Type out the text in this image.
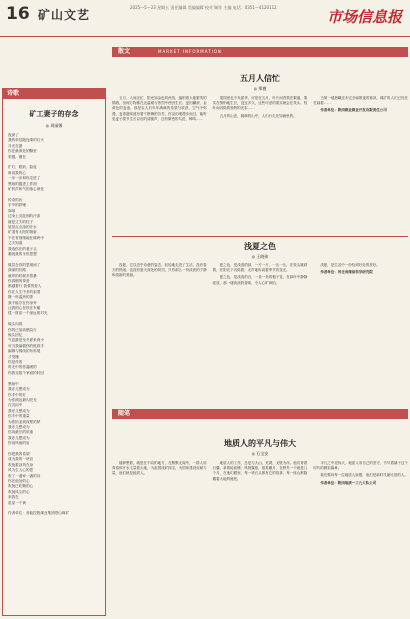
16 矿山文艺
2025—5—23 星期五 责任编辑 美编编辑 校对 制作 主编 电话：0351—4120112
市场信息报
散文	MARKET INFORMATION
诗歌
矿工妻子的存念
◎ 周丽娜
夜深了
我的牵挂随连绵的灯火
月光在窗
你在最深处的黝里
采掘，锤在

扩灯，眼前，脸庞
谁说我的心
一步一步和你走进了
黑暗的掘进工作面
矿机声和气的渗心深化

传奇的岩
手中的铁锹
岗哨
边身上沉淀细的汗漆
就是丈夫的柱子
屋顶点点渗的汗水
矿道有太阳的指射
不在有细细地在煤岭中
丈夫知道
我选你在的巷子头
凝视我的永恒思想

煤层在你的思境间了
深深的纹路
就印的时候多着暴
你真钢的挚爱
都越着行 我要的爱人
你在人生中多的寂寞
撩一杯温热的茶
我不能守在你身旁
让我的心在铁在车厢
揉一筐苗一个深远的对光

镜头闪烁
你的已加油燃烧行
镜头回忆
气息最是至冬夏来到小
可当我编插你的帐款手
编辑与棉线的布料展
才发懂
你是炸的
时光中的你温暖的
你我无数个家庭的时回

黑暗中
我亦儿想成为
你手中的灯
为你照达最闪亮光
在沉闷中
我亦儿想成为
你手中的重量
为你拓亚到深度的梦
我亦儿想成为
你用最长的浓重
我亦儿想成为
你用风雨的岩

你把我的希望
成为我的一块岩
吹拢柔剑风在身
风为生人心的思
吹了一盏家一盏的诗
你在他处的心
吹拢已吃鞘的心
吹拢风尘的心
来我在
星星一个黄

作者单位：晋能控股煤业集团塔山煤矿
五月人信忙
◎ 郑德

五月，人间正忙，阳光如金色的丝线，编织着大地繁茂的锦缎，田间万物都在这温暖与热烈中使劲生长。麦田翻滚，金黄色的麦浪，那是农人们年年满满的希望与收获，空气中弥漫，麦香滋味道有着不断飘的芬芳，你沿田埂漫步而过，能听见麦子拔节生长以后的清脆声，还有繁密的鸟语，蝉鸣……

果园里也不负韶华，可是在五月，叶片间青果在繁盛，果实在悄悄地生长，没过多久，这些可爱的果实就会在枝头、枝叶间闪烁着独特的光彩……

五月的山峦，凝翠的山中，人们行走在如画里的。

当第一缕晨曦还未完全驱散夜的寒凉，煤矿的人们已经在忙碌着……

作者单位：陕西煤业煤业开发有限责任公司

浅夏之色
◎ 王晓伟

浅夏，它以近乎诗意的姿态，轻轻地走进了生活，没有春天的热闹，也没有夏天深处的炽烈，只有那么一份淡淡的宁静和清新的美丽。

夏之色，是浅浅的绿，一片一片，一丛一丛，在枝头跳跃着，在阳光下闪烁着，无声地诉说着季节的变迁。

夏之色，是浅浅的白，一朵一朵的栀子花，在绿叶中静静绽放，那一缕淡淡的香味，令人心旷神怡。

浅夏，是生活中一份恰到好处的美好。

作者单位：河北省煤炭科学研究院

随笔
地质人的平凡与伟大
◎ 石宝安

能够想着，就是在不同的地方，在默默无闻中，一群人用青春和汗水丈量着大地，为祖国找矿探宝，为国家建设贡献力量，他们就是地质人。

地质人的工作，总是与大山、荒漠、戈壁为伴。他们背着行囊，拿着地质锤，风餐露宿，披星戴月，在野外一干就是几个月，在他们眼里，每一块石头都有它的故事，每一座山都隐藏着大地的秘密。

平凡之中见伟大，地质人用自己的坚守，书写着属于这个时代的精彩篇章。

我们要向每一位地质人致敬，他们是新时代最可爱的人。

作者单位：陕西地质一三九大队公司
